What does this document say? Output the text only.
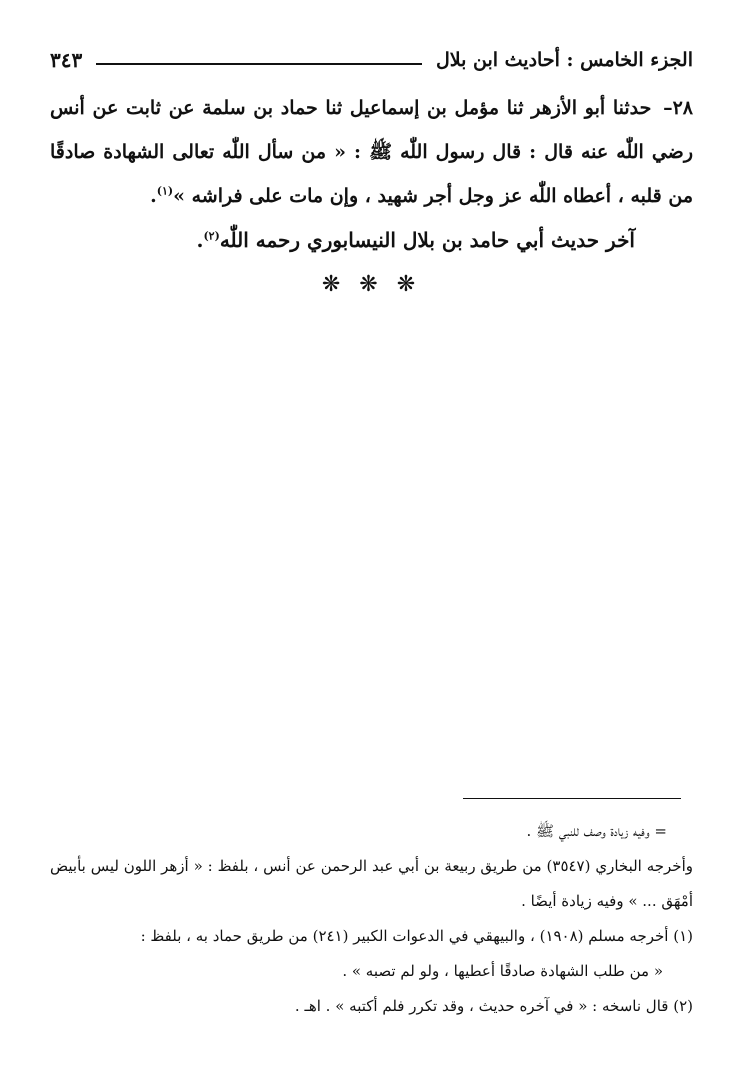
الجزء الخامس : أحاديث ابن بلال
٣٤٣

٢٨– حدثنا أبو الأزهر ثنا مؤمل بن إسماعيل ثنا حماد بن سلمة عن ثابت عن أنس رضي اللّٰه عنه قال : قال رسول اللّٰه ﷺ : « من سأل اللّٰه تعالى الشهادة صادقًا من قلبه ، أعطاه اللّٰه عز وجل أجر شهيد ، وإن مات على فراشه »$^{(١)}$.

آخر حديث أبي حامد بن بلال النيسابوري رحمه اللّٰه$^{(٢)}$.

❋ ❋ ❋

= وفيه زيادة وصف للنبي ﷺ .

وأخرجه البخاري (٣٥٤٧) من طريق ربيعة بن أبي عبد الرحمن عن أنس ، بلفظ : « أزهر اللون ليس بأبيض أمْهَق ... » وفيه زيادة أيضًا .

(١) أخرجه مسلم (١٩٠٨) ، والبيهقي في الدعوات الكبير (٢٤١) من طريق حماد به ، بلفظ :

« من طلب الشهادة صادقًا أعطيها ، ولو لم تصبه » .

(٢) قال ناسخه : « في آخره حديث ، وقد تكرر فلم أكتبه » . اهـ .
